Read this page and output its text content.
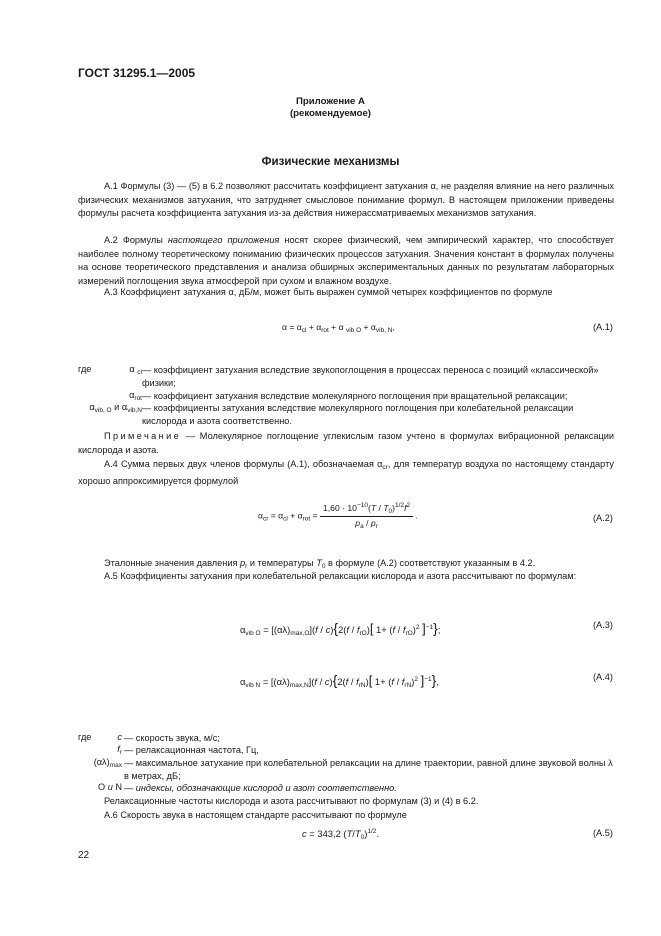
ГОСТ 31295.1—2005
Приложение А
(рекомендуемое)
Физические механизмы

А.1 Формулы (3) — (5) в 6.2 позволяют рассчитать коэффициент затухания α, не разделяя влияние на него различных физических механизмов затухания, что затрудняет смысловое понимание формул. В настоящем приложении приведены формулы расчета коэффициента затухания из-за действия нижерассматриваемых механизмов затухания.

А.2 Формулы настоящего приложения носят скорее физический, чем эмпирический характер, что способствует наиболее полному теоретическому пониманию физических процессов затухания. Значения констант в формулах получены на основе теоретического представления и анализа обширных экспериментальных данных по результатам лабораторных измерений поглощения звука атмосферой при сухом и влажном воздухе.

А.3 Коэффициент затухания α, дБ/м, может быть выражен суммой четырех коэффициентов по формуле

$\alpha = \alpha_{cl} + \alpha_{rot} + \alpha$ $_{vib O} + \alpha_{vib, N}$,	(А.1)
где	α $_{cl}$ — коэффициент затухания вследствие звукопоглощения в процессах переноса с позиций «классической» физики;
$\alpha_{rot}$ — коэффициент затухания вследствие молекулярного поглощения при вращательной релаксации;
$\alpha_{vib, O}$ и $\alpha_{vib,N}$ — коэффициенты затухания вследствие молекулярного поглощения при колебательной релаксации кислорода и азота соответственно.

Примечание — Молекулярное поглощение углекислым газом учтено в формулах вибрационной релаксации кислорода и азота.

А.4 Сумма первых двух членов формулы (А.1), обозначаемая $\alpha_{cr}$, для температур воздуха по настоящему стандарту хорошо аппроксимируется формулой

$\alpha_{cr} = \alpha_{cl} + \alpha_{rot} = \frac{1,60 \cdot 10^{-10}(T / T_0)^{1/2}f^2}{p_a / p_r}$ .	(А.2)

Эталонные значения давления $p_r$ и температуры $T_0$ в формуле (А.2) соответствуют указанным в 4.2.

А.5 Коэффициенты затухания при колебательной релаксации кислорода и азота рассчитывают по формулам:

$\alpha_{vib O} = [(\alpha\lambda)_{max,O}](f / c)\{2(f / f_{rO})$[ $1+ (f / f_{rO})^2$ ]$^{-1}$};	(А.3)
$\alpha_{vib N} = [(\alpha\lambda)_{max,N}](f / c)\{2(f / f_{rN})$[ $1+ (f / f_{rN})^2$ ]$^{-1}$},	(А.4)
где	c — скорость звука, м/с;
$f_r$ — релаксационная частота, Гц,
$(\alpha\lambda)_{max}$ — максимальное затухание при колебательной релаксации на длине траектории, равной длине звуковой волны λ в метрах, дБ;
O и N — индексы, обозначающие кислород и азот соответственно.

Релаксационные частоты кислорода и азота рассчитывают по формулам (3) и (4) в 6.2.

А.6 Скорость звука в настоящем стандарте рассчитывают по формуле

c = 343,2 $(T/T_0)^{1/2}$.	(А.5)
22
